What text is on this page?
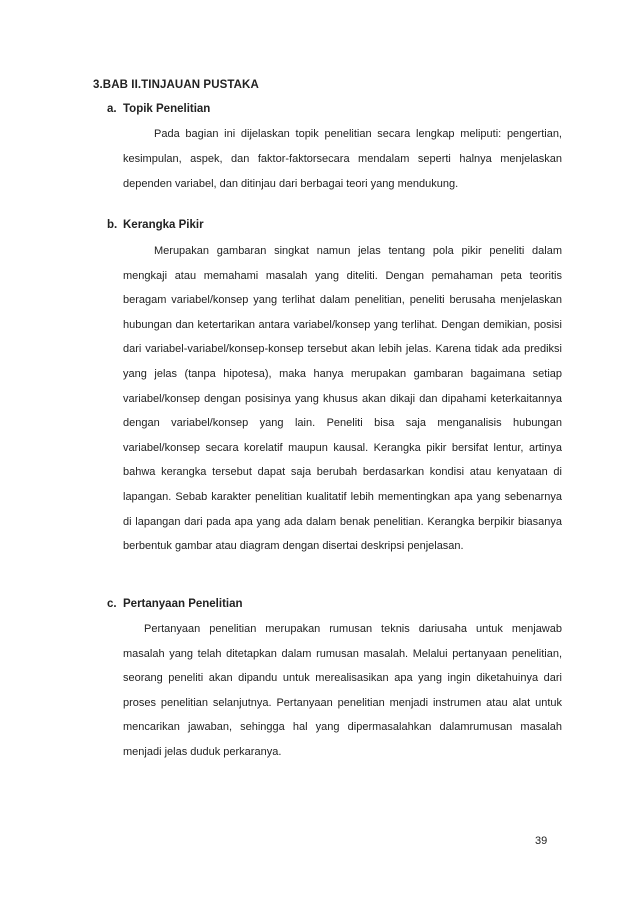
3.BAB II.TINJAUAN PUSTAKA
a. Topik Penelitian
Pada bagian ini dijelaskan topik penelitian secara lengkap meliputi: pengertian, kesimpulan, aspek, dan faktor-faktorsecara mendalam seperti halnya menjelaskan dependen variabel, dan ditinjau dari berbagai teori yang mendukung.
b. Kerangka Pikir
Merupakan gambaran singkat namun jelas tentang pola pikir peneliti dalam mengkaji atau memahami masalah yang diteliti. Dengan pemahaman peta teoritis beragam variabel/konsep yang terlihat dalam penelitian, peneliti berusaha menjelaskan hubungan dan ketertarikan antara variabel/konsep yang terlihat. Dengan demikian, posisi dari variabel-variabel/konsep-konsep tersebut akan lebih jelas. Karena tidak ada prediksi yang jelas (tanpa hipotesa), maka hanya merupakan gambaran bagaimana setiap variabel/konsep dengan posisinya yang khusus akan dikaji dan dipahami keterkaitannya dengan variabel/konsep yang lain. Peneliti bisa saja menganalisis hubungan variabel/konsep secara korelatif maupun kausal. Kerangka pikir bersifat lentur, artinya bahwa kerangka tersebut dapat saja berubah berdasarkan kondisi atau kenyataan di lapangan. Sebab karakter penelitian kualitatif lebih mementingkan apa yang sebenarnya di lapangan dari pada apa yang ada dalam benak penelitian. Kerangka berpikir biasanya berbentuk gambar atau diagram dengan disertai deskripsi penjelasan.
c. Pertanyaan Penelitian
Pertanyaan penelitian merupakan rumusan teknis dariusaha untuk menjawab masalah yang telah ditetapkan dalam rumusan masalah. Melalui pertanyaan penelitian, seorang peneliti akan dipandu untuk merealisasikan apa yang ingin diketahuinya dari proses penelitian selanjutnya. Pertanyaan penelitian menjadi instrumen atau alat untuk mencarikan jawaban, sehingga hal yang dipermasalahkan dalamrumusan masalah menjadi jelas duduk perkaranya.
39
